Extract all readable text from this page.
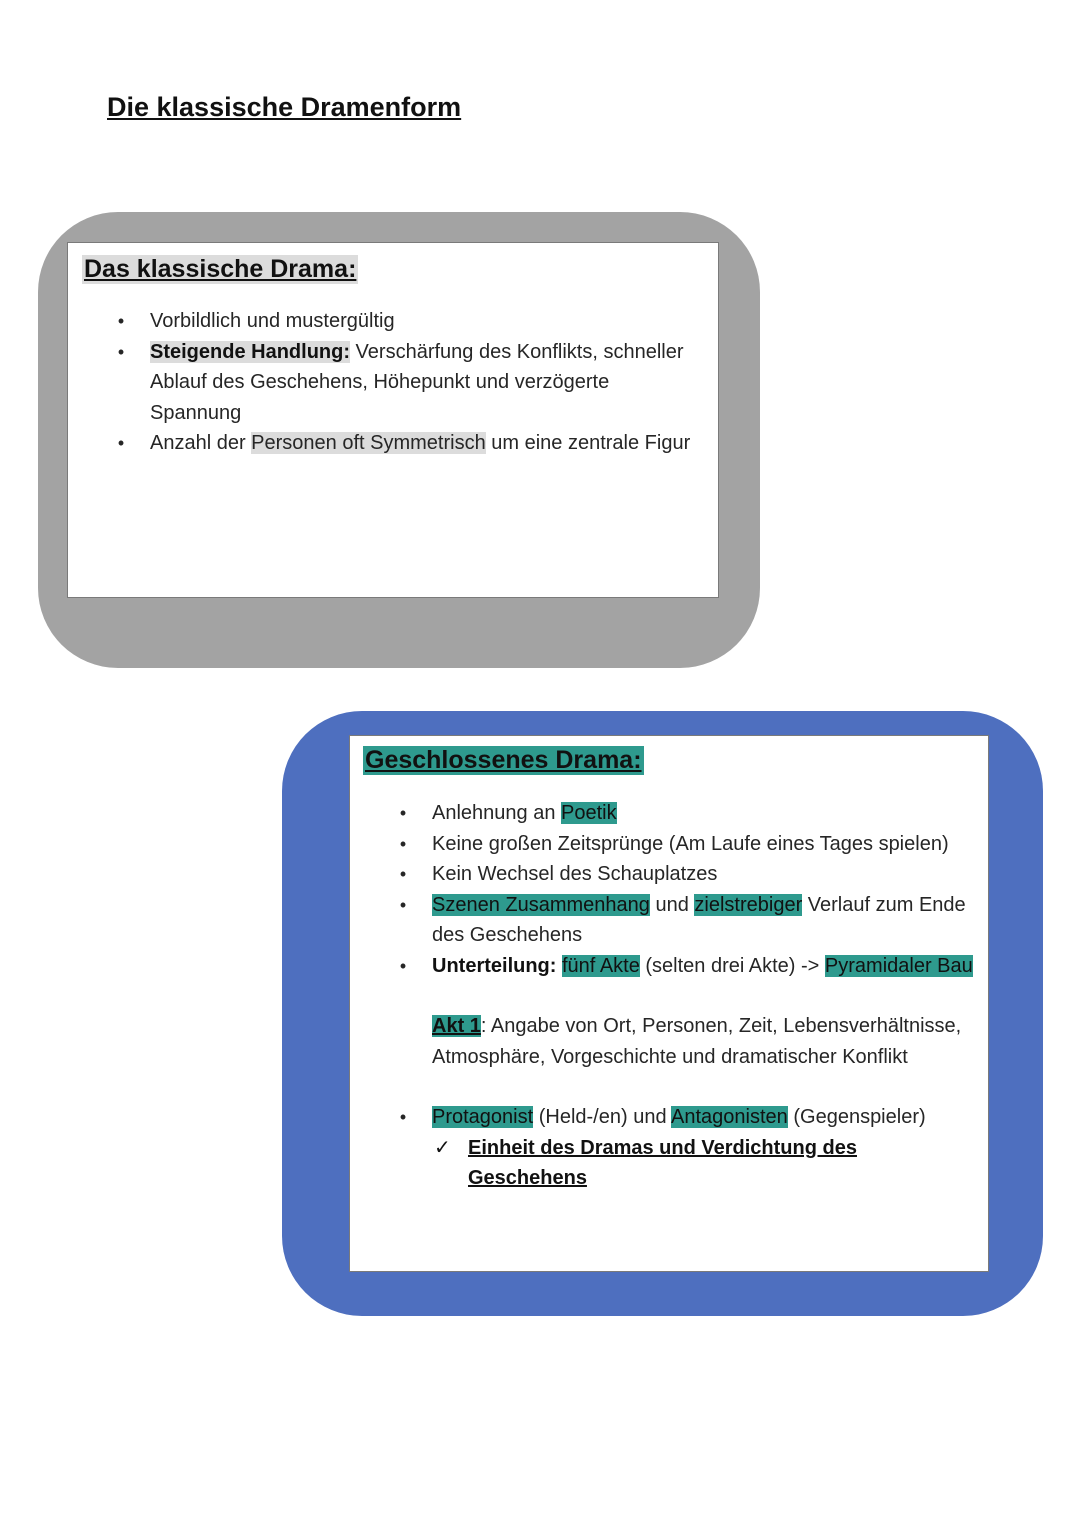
Die klassische Dramenform
Das klassische Drama:
• Vorbildlich und mustergültig
• Steigende Handlung: Verschärfung des Konflikts, schneller Ablauf des Geschehens, Höhepunkt und verzögerte Spannung
• Anzahl der Personen oft Symmetrisch um eine zentrale Figur
Geschlossenes Drama:
• Anlehnung an Poetik
• Keine großen Zeitsprünge (Am Laufe eines Tages spielen)
• Kein Wechsel des Schauplatzes
• Szenen Zusammenhang und zielstrebiger Verlauf zum Ende des Geschehens
• Unterteilung: fünf Akte (selten drei Akte) -> Pyramidaler Bau
Akt 1: Angabe von Ort, Personen, Zeit, Lebensverhältnisse, Atmosphäre, Vorgeschichte und dramatischer Konflikt
• Protagonist (Held-/en) und Antagonisten (Gegenspieler)
✓ Einheit des Dramas und Verdichtung des Geschehens
